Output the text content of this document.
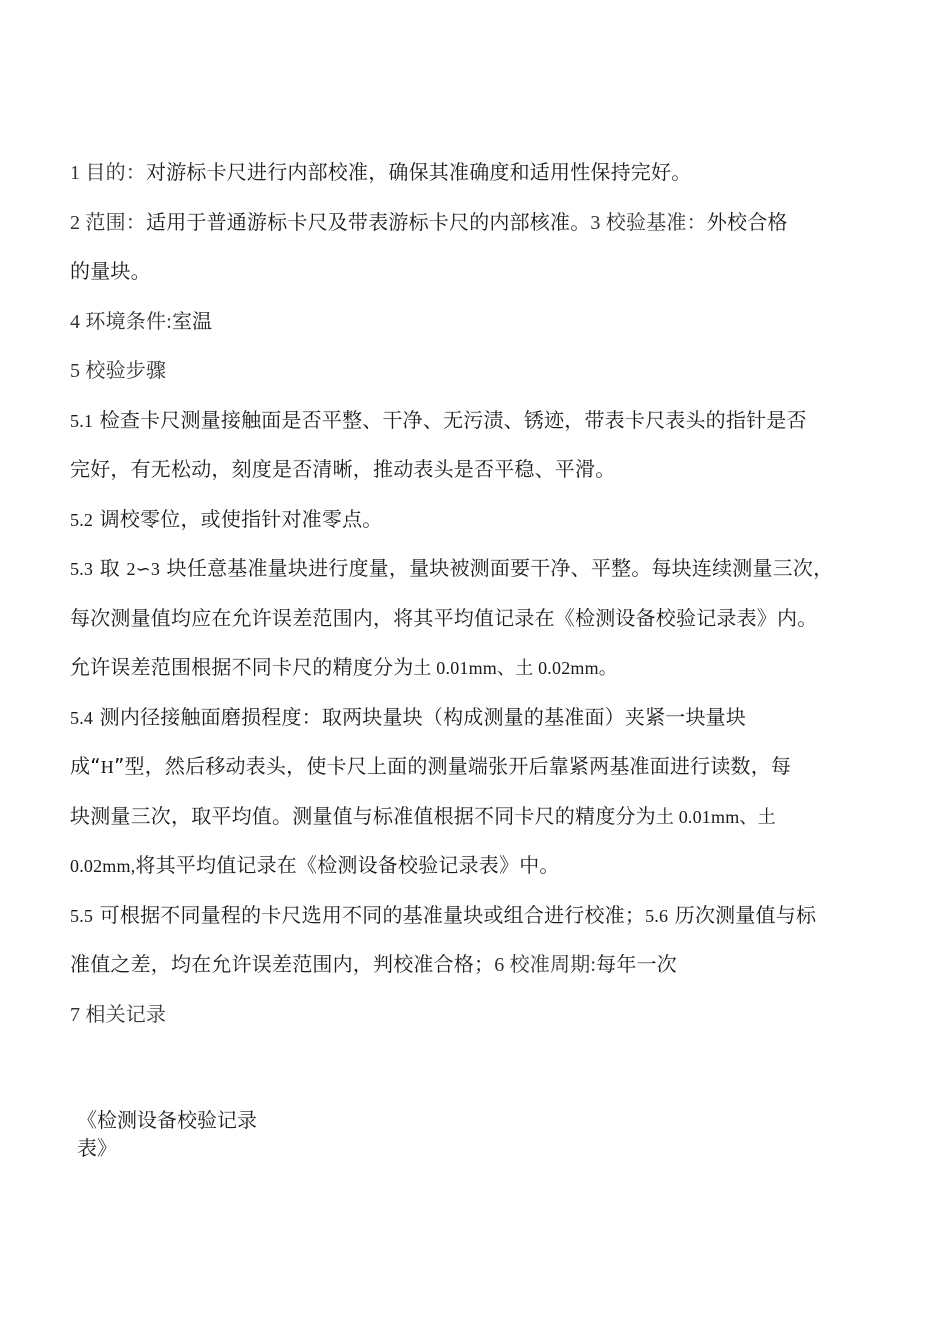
1 目的：对游标卡尺进行内部校准，确保其准确度和适用性保持完好。
2 范围：适用于普通游标卡尺及带表游标卡尺的内部核准。3 校验基准：外校合格
的量块。
4 环境条件:室温
5 校验步骤
5.1 检查卡尺测量接触面是否平整、干净、无污渍、锈迹，带表卡尺表头的指针是否
完好，有无松动，刻度是否清晰，推动表头是否平稳、平滑。
5.2 调校零位，或使指针对准零点。
5.3 取 2∽3 块任意基准量块进行度量，量块被测面要干净、平整。每块连续测量三次，
每次测量值均应在允许误差范围内，将其平均值记录在《检测设备校验记录表》内。
允许误差范围根据不同卡尺的精度分为土 0.01mm、土 0.02mm。
5.4 测内径接触面磨损程度：取两块量块（构成测量的基准面）夹紧一块量块
成“H”型，然后移动表头，使卡尺上面的测量端张开后靠紧两基准面进行读数，每
块测量三次，取平均值。测量值与标准值根据不同卡尺的精度分为土 0.01mm、土
0.02mm,将其平均值记录在《检测设备校验记录表》中。
5.5 可根据不同量程的卡尺选用不同的基准量块或组合进行校准；5.6 历次测量值与标
准值之差，均在允许误差范围内，判校准合格；6 校准周期:每年一次
7 相关记录
《检测设备校验记录
表》
